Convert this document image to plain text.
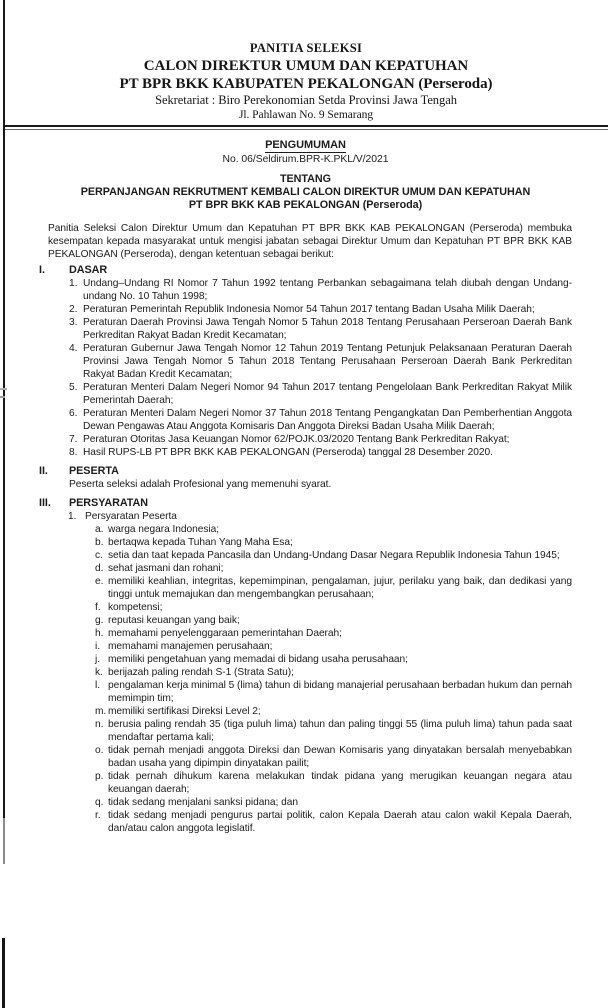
PANITIA SELEKSI
CALON DIREKTUR UMUM DAN KEPATUHAN
PT BPR BKK KABUPATEN PEKALONGAN (Perseroda)
Sekretariat : Biro Perekonomian Setda Provinsi Jawa Tengah
Jl. Pahlawan No. 9 Semarang
PENGUMUMAN
No. 06/Seldirum.BPR-K.PKL/V/2021
TENTANG
PERPANJANGAN REKRUTMENT KEMBALI CALON DIREKTUR UMUM DAN KEPATUHAN
PT BPR BKK KAB PEKALONGAN (Perseroda)

Panitia Seleksi Calon Direktur Umum dan Kepatuhan PT BPR BKK KAB PEKALONGAN (Perseroda) membuka kesempatan kepada masyarakat untuk mengisi jabatan sebagai Direktur Umum dan Kepatuhan PT BPR BKK KAB PEKALONGAN (Perseroda), dengan ketentuan sebagai berikut:

I.	DASAR
1. Undang–Undang RI Nomor 7 Tahun 1992 tentang Perbankan sebagaimana telah diubah dengan Undang-undang No. 10 Tahun 1998;
2. Peraturan Pemerintah Republik Indonesia Nomor 54 Tahun 2017 tentang Badan Usaha Milik Daerah;
3. Peraturan Daerah Provinsi Jawa Tengah Nomor 5 Tahun 2018 Tentang Perusahaan Perseroan Daerah Bank Perkreditan Rakyat Badan Kredit Kecamatan;
4. Peraturan Gubernur Jawa Tengah Nomor 12 Tahun 2019 Tentang Petunjuk Pelaksanaan Peraturan Daerah Provinsi Jawa Tengah Nomor 5 Tahun 2018 Tentang Perusahaan Perseroan Daerah Bank Perkreditan Rakyat Badan Kredit Kecamatan;
5. Peraturan Menteri Dalam Negeri Nomor 94 Tahun 2017 tentang Pengelolaan Bank Perkreditan Rakyat Milik Pemerintah Daerah;
6. Peraturan Menteri Dalam Negeri Nomor 37 Tahun 2018 Tentang Pengangkatan Dan Pemberhentian Anggota Dewan Pengawas Atau Anggota Komisaris Dan Anggota Direksi Badan Usaha Milik Daerah;
7. Peraturan Otoritas Jasa Keuangan Nomor 62/POJK.03/2020 Tentang Bank Perkreditan Rakyat;
8. Hasil RUPS-LB PT BPR BKK KAB PEKALONGAN (Perseroda) tanggal 28 Desember 2020.
II.	PESERTA
Peserta seleksi adalah Profesional yang memenuhi syarat.
III.	PERSYARATAN
1. Persyaratan Peserta
a. warga negara Indonesia;
b. bertaqwa kepada Tuhan Yang Maha Esa;
c. setia dan taat kepada Pancasila dan Undang-Undang Dasar Negara Republik Indonesia Tahun 1945;
d. sehat jasmani dan rohani;
e. memiliki keahlian, integritas, kepemimpinan, pengalaman, jujur, perilaku yang baik, dan dedikasi yang tinggi untuk memajukan dan mengembangkan perusahaan;
f. kompetensi;
g. reputasi keuangan yang baik;
h. memahami penyelenggaraan pemerintahan Daerah;
i. memahami manajemen perusahaan;
j. memiliki pengetahuan yang memadai di bidang usaha perusahaan;
k. berijazah paling rendah S-1 (Strata Satu);
l. pengalaman kerja minimal 5 (lima) tahun di bidang manajerial perusahaan berbadan hukum dan pernah memimpin tim;
m. memiliki sertifikasi Direksi Level 2;
n. berusia paling rendah 35 (tiga puluh lima) tahun dan paling tinggi 55 (lima puluh lima) tahun pada saat mendaftar pertama kali;
o. tidak pernah menjadi anggota Direksi dan Dewan Komisaris yang dinyatakan bersalah menyebabkan badan usaha yang dipimpin dinyatakan pailit;
p. tidak pernah dihukum karena melakukan tindak pidana yang merugikan keuangan negara atau keuangan daerah;
q. tidak sedang menjalani sanksi pidana; dan
r. tidak sedang menjadi pengurus partai politik, calon Kepala Daerah atau calon wakil Kepala Daerah, dan/atau calon anggota legislatif.
